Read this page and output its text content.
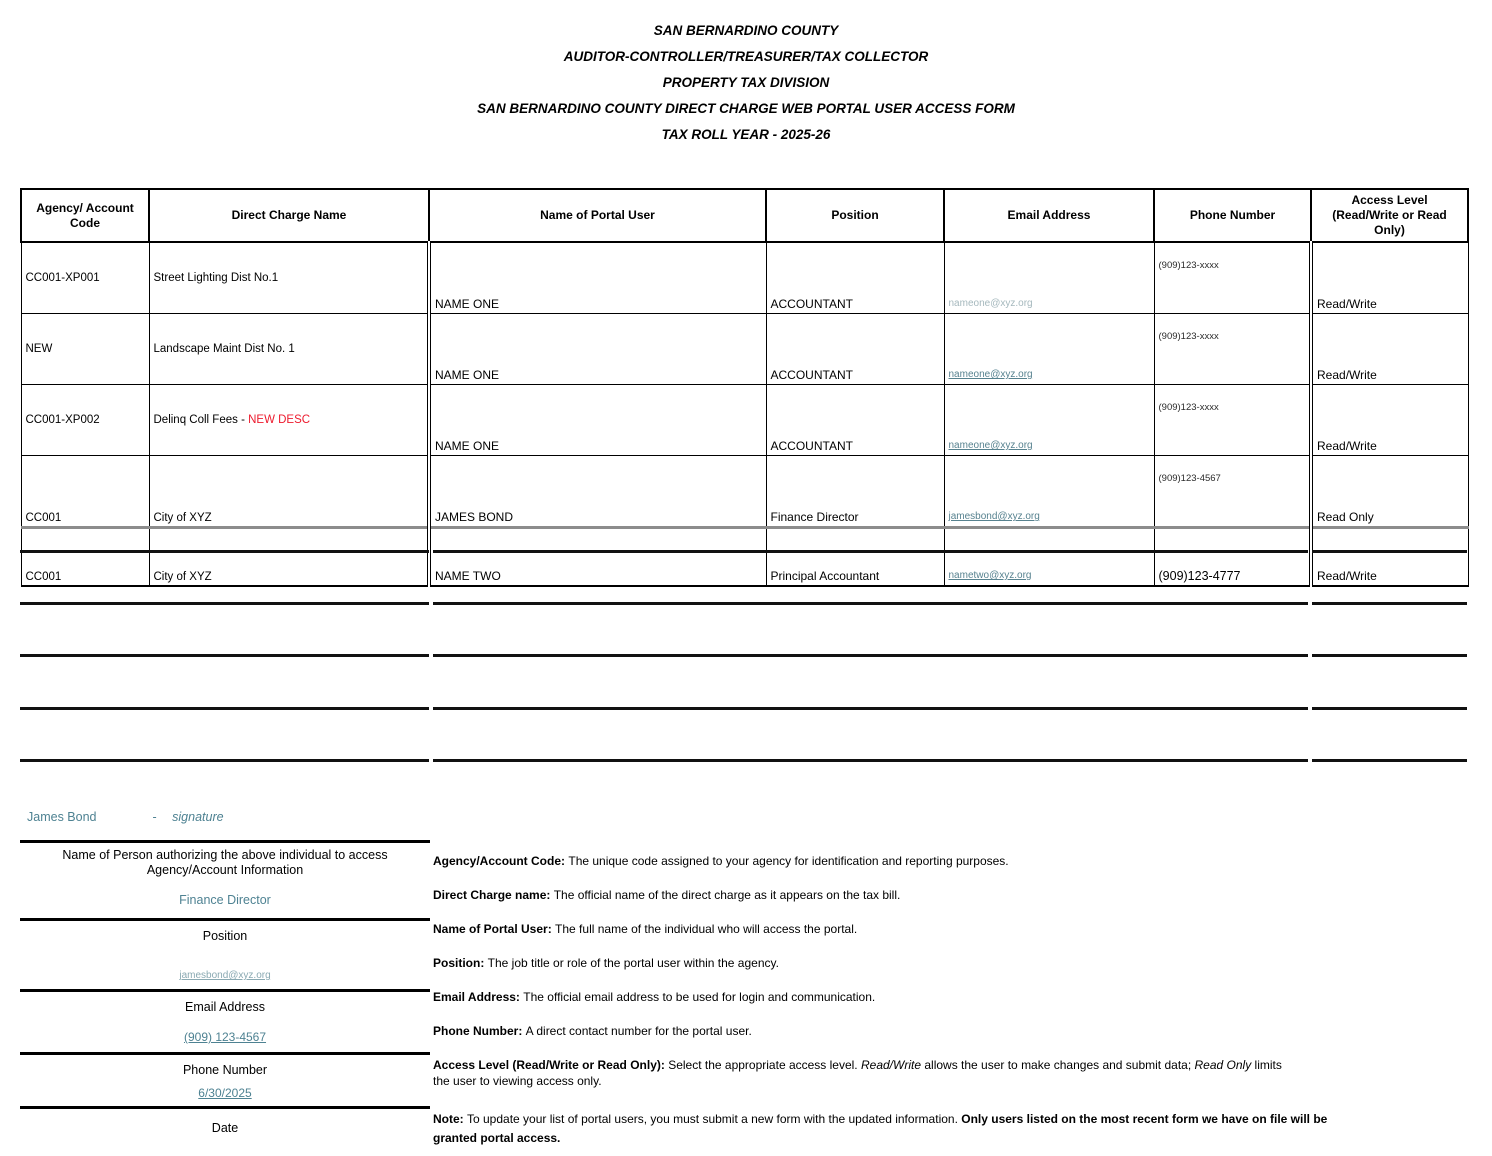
SAN BERNARDINO COUNTY
AUDITOR-CONTROLLER/TREASURER/TAX COLLECTOR
PROPERTY TAX DIVISION
SAN BERNARDINO COUNTY DIRECT CHARGE WEB PORTAL USER ACCESS FORM
TAX ROLL YEAR - 2025-26
Agency/ Account Code	Direct Charge Name	Name of Portal User	Position	Email Address	Phone Number	Access Level (Read/Write or Read Only)
CC001-XP001	Street Lighting Dist No.1	NAME ONE	ACCOUNTANT	nameone@xyz.org	(909)123-xxxx	Read/Write
NEW	Landscape Maint Dist No. 1	NAME ONE	ACCOUNTANT	nameone@xyz.org	(909)123-xxxx	Read/Write
CC001-XP002	Delinq Coll Fees - NEW DESC	NAME ONE	ACCOUNTANT	nameone@xyz.org	(909)123-xxxx	Read/Write
CC001	City of XYZ	JAMES BOND	Finance Director	jamesbond@xyz.org	(909)123-4567	Read Only
CC001	City of XYZ	NAME TWO	Principal Accountant	nametwo@xyz.org	(909)123-4777	Read/Write
James Bond	- signature
Name of Person authorizing the above individual to access Agency/Account Information
Finance Director
Position
jamesbond@xyz.org
Email Address
(909) 123-4567
Phone Number
6/30/2025
Date
Agency/Account Code: The unique code assigned to your agency for identification and reporting purposes.
Direct Charge name: The official name of the direct charge as it appears on the tax bill.
Name of Portal User: The full name of the individual who will access the portal.
Position: The job title or role of the portal user within the agency.
Email Address: The official email address to be used for login and communication.
Phone Number: A direct contact number for the portal user.
Access Level (Read/Write or Read Only): Select the appropriate access level. Read/Write allows the user to make changes and submit data; Read Only limits the user to viewing access only.
Note: To update your list of portal users, you must submit a new form with the updated information. Only users listed on the most recent form we have on file will be granted portal access.
